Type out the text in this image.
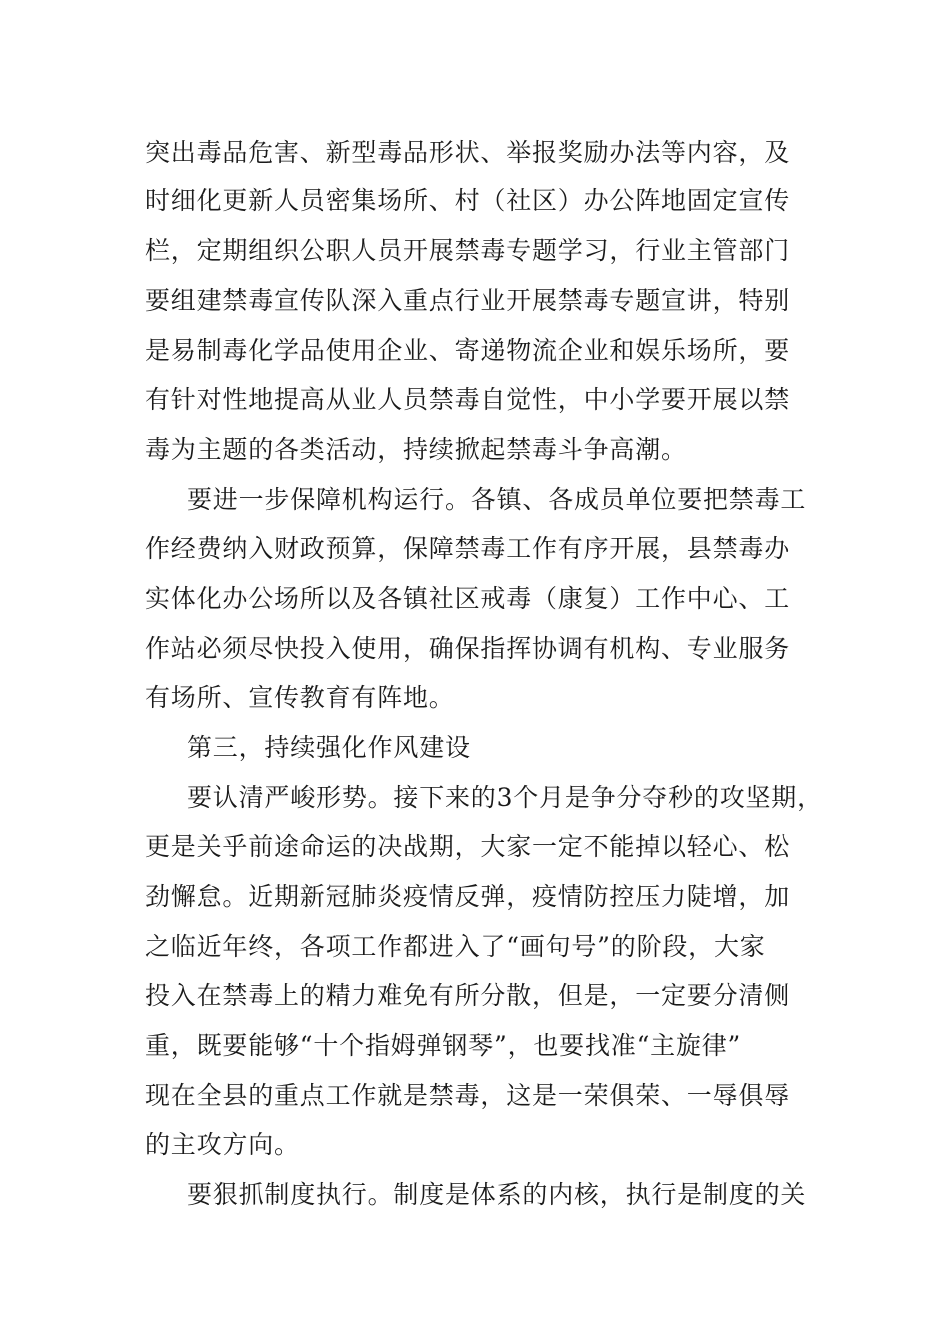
突出毒品危害、新型毒品形状、举报奖励办法等内容，及
时细化更新人员密集场所、村（社区）办公阵地固定宣传
栏，定期组织公职人员开展禁毒专题学习，行业主管部门
要组建禁毒宣传队深入重点行业开展禁毒专题宣讲，特别
是易制毒化学品使用企业、寄递物流企业和娱乐场所，要
有针对性地提高从业人员禁毒自觉性，中小学要开展以禁
毒为主题的各类活动，持续掀起禁毒斗争高潮。
要进一步保障机构运行。各镇、各成员单位要把禁毒工
作经费纳入财政预算，保障禁毒工作有序开展，县禁毒办
实体化办公场所以及各镇社区戒毒（康复）工作中心、工
作站必须尽快投入使用，确保指挥协调有机构、专业服务
有场所、宣传教育有阵地。
第三，持续强化作风建设
要认清严峻形势。接下来的3个月是争分夺秒的攻坚期，
更是关乎前途命运的决战期，大家一定不能掉以轻心、松
劲懈怠。近期新冠肺炎疫情反弹，疫情防控压力陡增，加
之临近年终，各项工作都进入了“画句号”的阶段，大家
投入在禁毒上的精力难免有所分散，但是，一定要分清侧
重，既要能够“十个指姆弹钢琴”，也要找准“主旋律”
现在全县的重点工作就是禁毒，这是一荣俱荣、一辱俱辱
的主攻方向。
要狠抓制度执行。制度是体系的内核，执行是制度的关
